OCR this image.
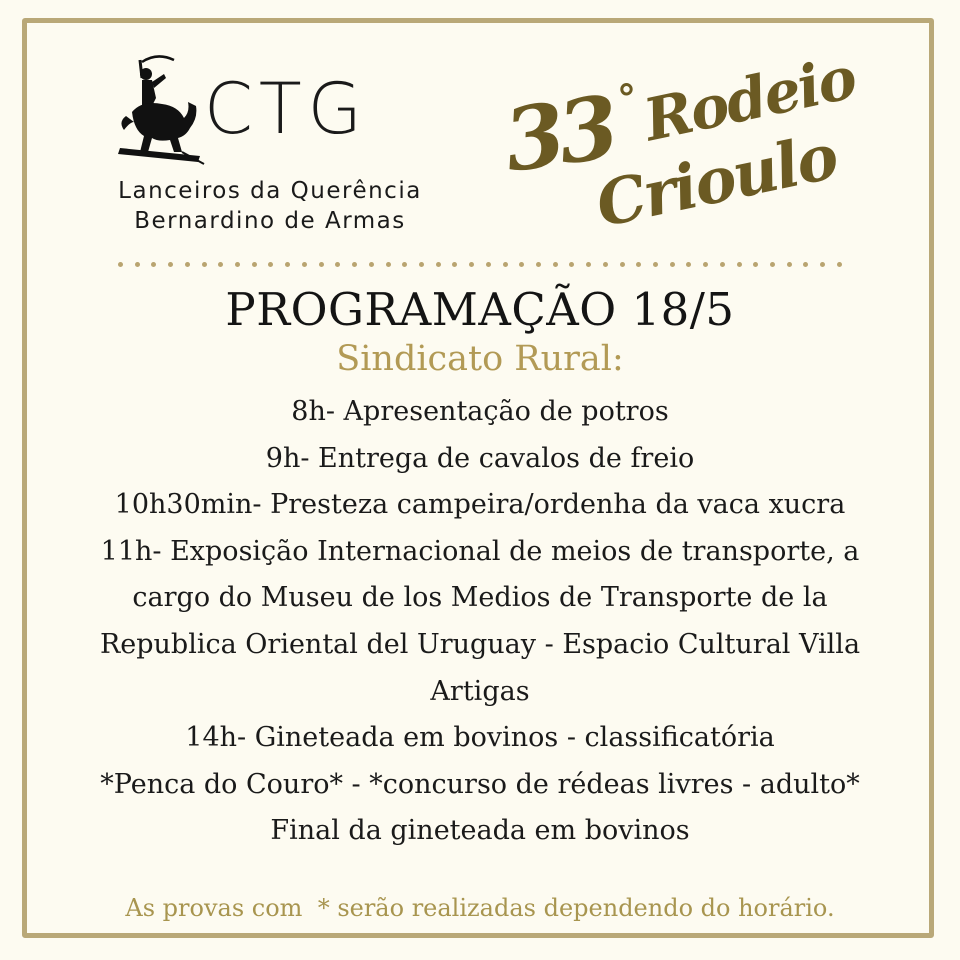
CTG
Lanceiros da Querência
Bernardino de Armas
33
° Rodeio
Crioulo
PROGRAMAÇÃO 18/5
Sindicato Rural:
8h- Apresentação de potros
9h- Entrega de cavalos de freio
10h30min- Presteza campeira/ordenha da vaca xucra
11h- Exposição Internacional de meios de transporte, a
cargo do Museu de los Medios de Transporte de la
Republica Oriental del Uruguay - Espacio Cultural Villa
Artigas
14h- Gineteada em bovinos - classificatória
*Penca do Couro* - *concurso de rédeas livres - adulto*
Final da gineteada em bovinos
As provas com  * serão realizadas dependendo do horário.
